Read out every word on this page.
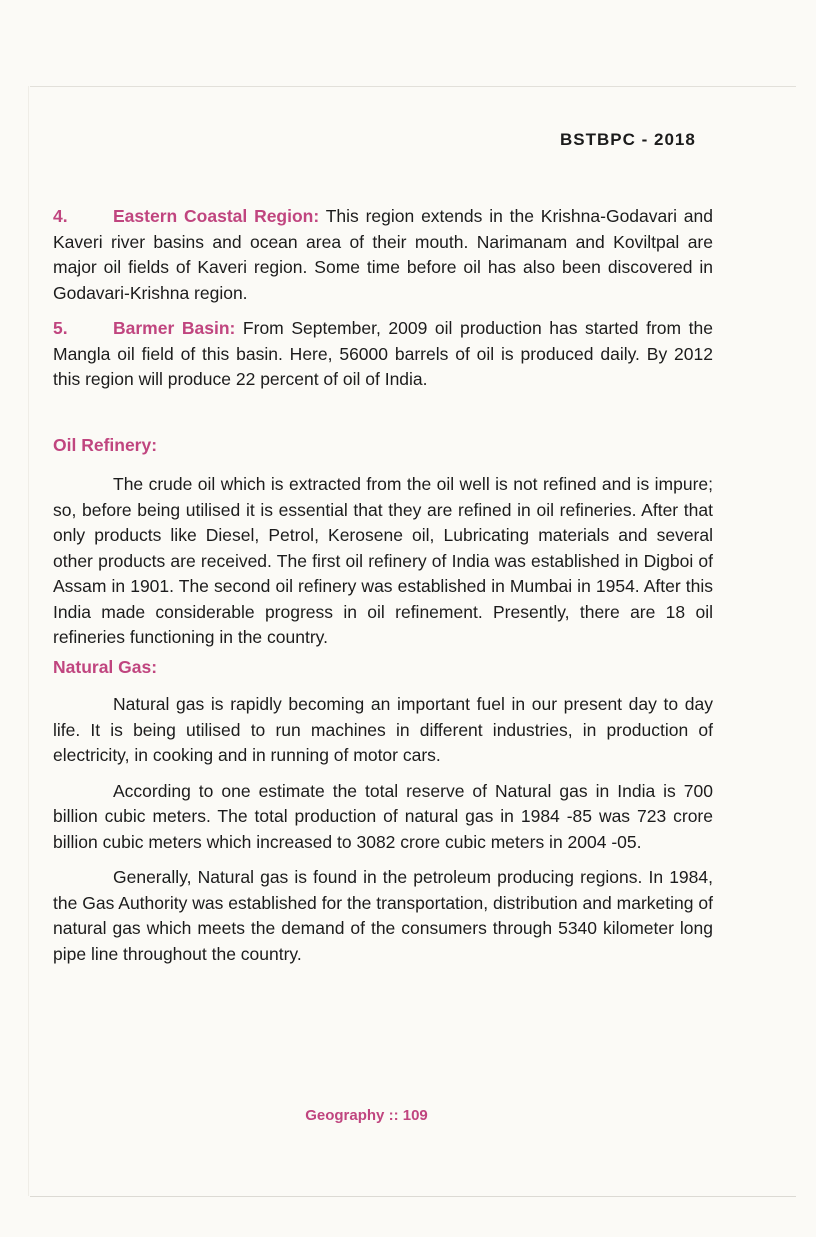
BSTBPC - 2018

4.	Eastern Coastal Region: This region extends in the Krishna-Godavari and Kaveri river basins and ocean area of their mouth. Narimanam and Koviltpal are major oil fields of Kaveri region. Some time before oil has also been discovered in Godavari-Krishna region.

5.	Barmer Basin: From September, 2009 oil production has started from the Mangla oil field of this basin. Here, 56000 barrels of oil is produced daily. By 2012 this region will produce 22 percent of oil of India.

Oil Refinery:

The crude oil which is extracted from the oil well is not refined and is impure; so, before being utilised it is essential that they are refined in oil refineries. After that only products like Diesel, Petrol, Kerosene oil, Lubricating materials and several other products are received. The first oil refinery of India was established in Digboi of Assam in 1901. The second oil refinery was established in Mumbai in 1954. After this India made considerable progress in oil refinement. Presently, there are 18 oil refineries functioning in the country.

Natural Gas:

Natural gas is rapidly becoming an important fuel in our present day to day life. It is being utilised to run machines in different industries, in production of electricity, in cooking and in running of motor cars.

According to one estimate the total reserve of Natural gas in India is 700 billion cubic meters. The total production of natural gas in 1984 -85 was 723 crore billion cubic meters which increased to 3082 crore cubic meters in 2004 -05.

Generally, Natural gas is found in the petroleum producing regions. In 1984, the Gas Authority was established for the transportation, distribution and marketing of natural gas which meets the demand of the consumers through 5340 kilometer long pipe line throughout the country.

Geography :: 109
